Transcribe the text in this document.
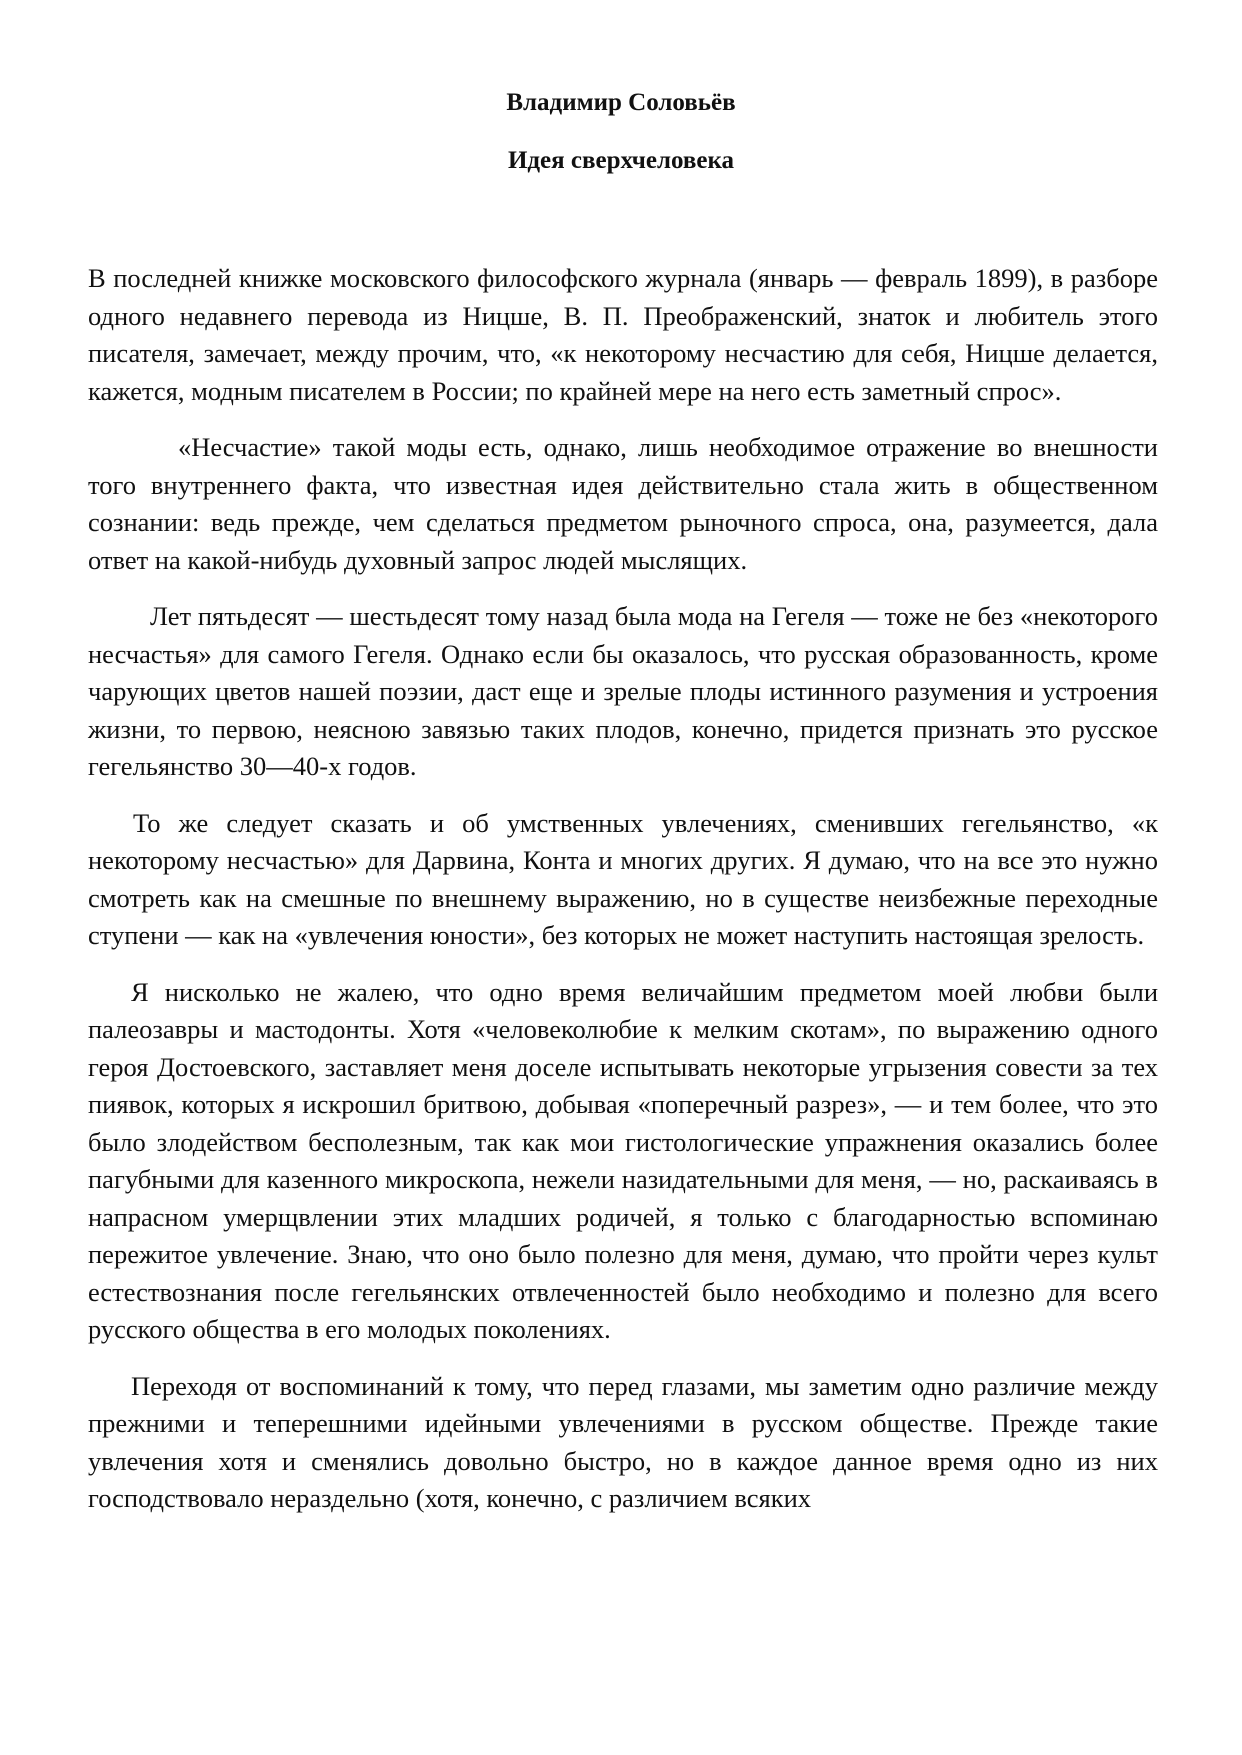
Владимир Соловьёв
Идея сверхчеловека

В последней книжке московского философского журнала (январь — февраль 1899), в разборе одного недавнего перевода из Ницше, В. П. Преображенский, знаток и любитель этого писателя, замечает, между прочим, что, «к некоторому несчастию для себя, Ницше делается, кажется, модным писателем в России; по крайней мере на него есть заметный спрос».

«Несчастие» такой моды есть, однако, лишь необходимое отражение во внешности того внутреннего факта, что известная идея действительно стала жить в общественном сознании: ведь прежде, чем сделаться предметом рыночного спроса, она, разумеется, дала ответ на какой-нибудь духовный запрос людей мыслящих.

Лет пятьдесят — шестьдесят тому назад была мода на Гегеля — тоже не без «некоторого несчастья» для самого Гегеля. Однако если бы оказалось, что русская образованность, кроме чарующих цветов нашей поэзии, даст еще и зрелые плоды истинного разумения и устроения жизни, то первою, неясною завязью таких плодов, конечно, придется признать это русское гегельянство 30—40-х годов.

То же следует сказать и об умственных увлечениях, сменивших гегельянство, «к некоторому несчастью» для Дарвина, Конта и многих других. Я думаю, что на все это нужно смотреть как на смешные по внешнему выражению, но в существе неизбежные переходные ступени — как на «увлечения юности», без которых не может наступить настоящая зрелость.

Я нисколько не жалею, что одно время величайшим предметом моей любви были палеозавры и мастодонты. Хотя «человеколюбие к мелким скотам», по выражению одного героя Достоевского, заставляет меня доселе испытывать некоторые угрызения совести за тех пиявок, которых я искрошил бритвою, добывая «поперечный разрез», — и тем более, что это было злодейством бесполезным, так как мои гистологические упражнения оказались более пагубными для казенного микроскопа, нежели назидательными для меня, — но, раскаиваясь в напрасном умерщвлении этих младших родичей, я только с благодарностью вспоминаю пережитое увлечение. Знаю, что оно было полезно для меня, думаю, что пройти через культ естествознания после гегельянских отвлеченностей было необходимо и полезно для всего русского общества в его молодых поколениях.

Переходя от воспоминаний к тому, что перед глазами, мы заметим одно различие между прежними и теперешними идейными увлечениями в русском обществе. Прежде такие увлечения хотя и сменялись довольно быстро, но в каждое данное время одно из них господствовало нераздельно (хотя, конечно, с различием всяких
